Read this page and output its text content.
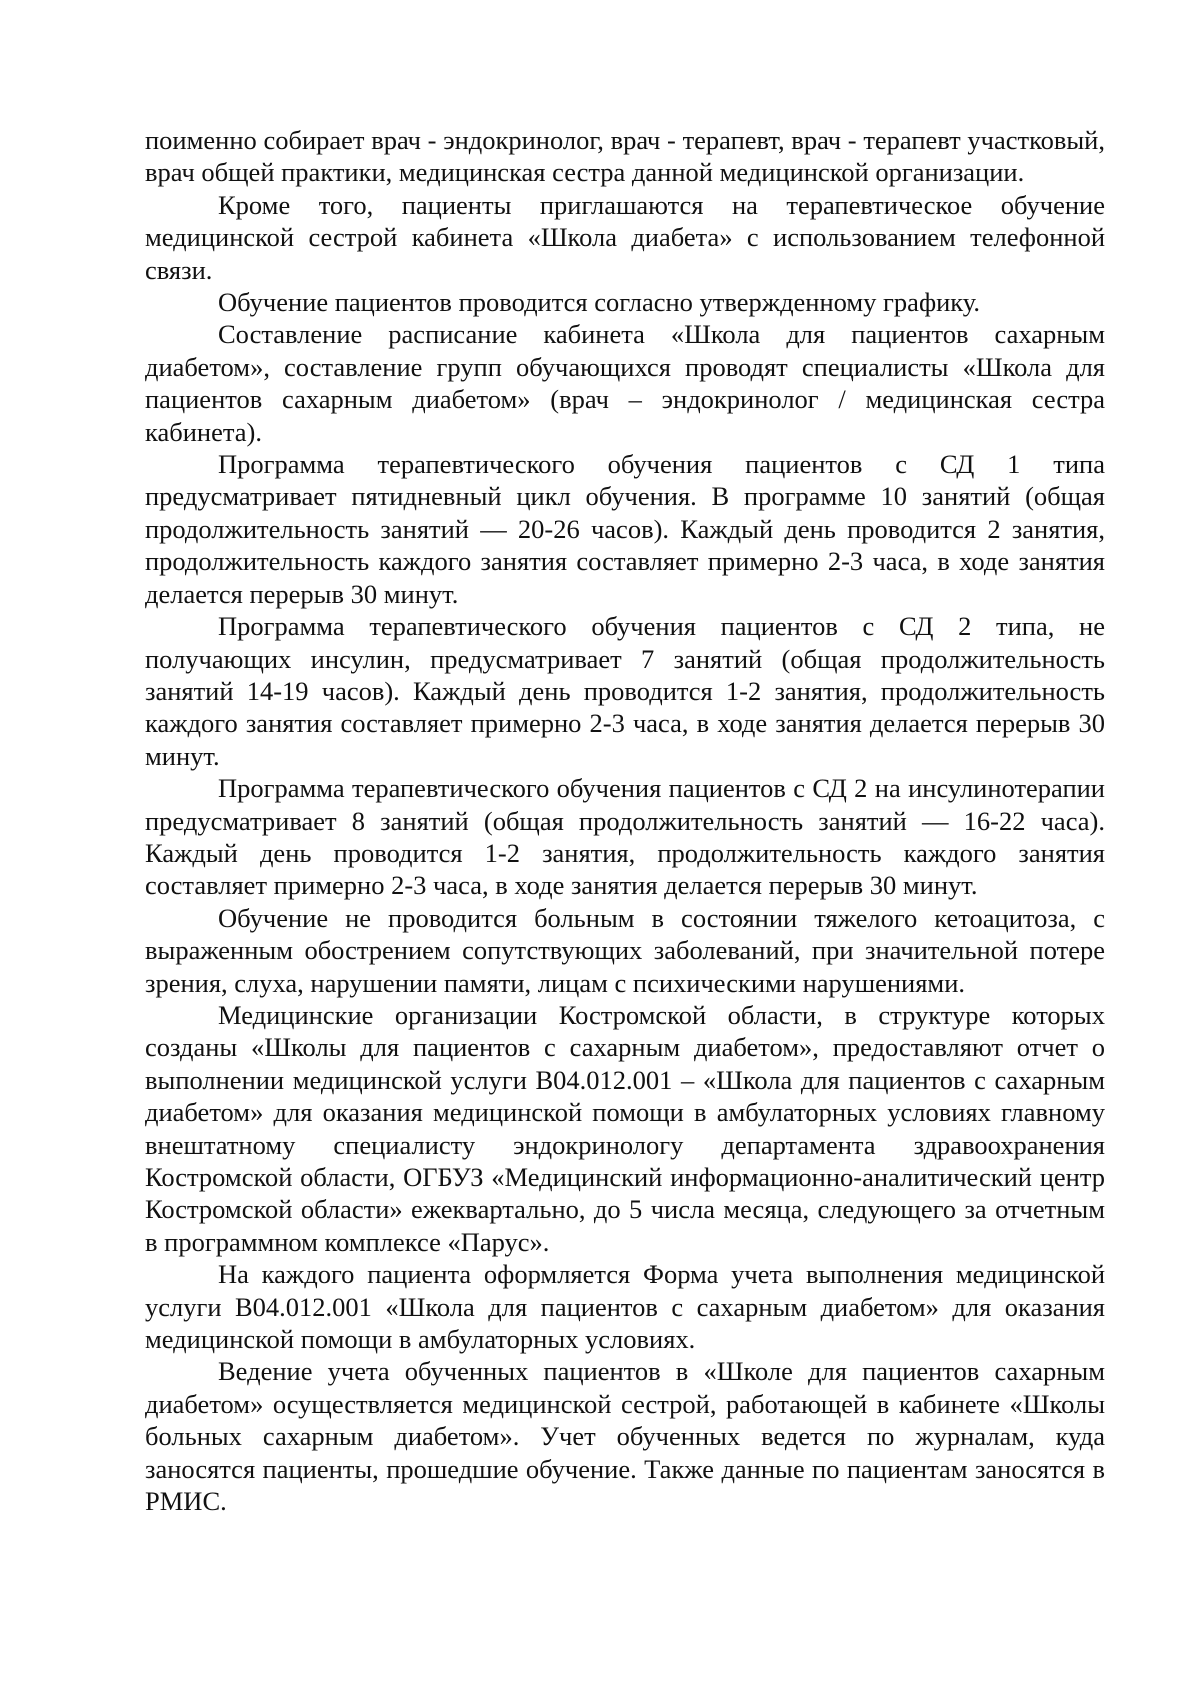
поименно собирает врач - эндокринолог, врач - терапевт, врач - терапевт участковый, врач общей практики, медицинская сестра данной медицинской организации.

Кроме того, пациенты приглашаются на терапевтическое обучение медицинской сестрой кабинета «Школа диабета» с использованием телефонной связи.

Обучение пациентов проводится согласно утвержденному графику.

Составление расписание кабинета «Школа для пациентов сахарным диабетом», составление групп обучающихся проводят специалисты «Школа для пациентов сахарным диабетом» (врач – эндокринолог / медицинская сестра кабинета).

Программа терапевтического обучения пациентов с СД 1 типа предусматривает пятидневный цикл обучения. В программе 10 занятий (общая продолжительность занятий — 20-26 часов). Каждый день проводится 2 занятия, продолжительность каждого занятия составляет примерно 2-3 часа, в ходе занятия делается перерыв 30 минут.

Программа терапевтического обучения пациентов с СД 2 типа, не получающих инсулин, предусматривает 7 занятий (общая продолжительность занятий 14-19 часов). Каждый день проводится 1-2 занятия, продолжительность каждого занятия составляет примерно 2-3 часа, в ходе занятия делается перерыв 30 минут.

Программа терапевтического обучения пациентов с СД 2 на инсулинотерапии предусматривает 8 занятий (общая продолжительность занятий — 16-22 часа). Каждый день проводится 1-2 занятия, продолжительность каждого занятия составляет примерно 2-3 часа, в ходе занятия делается перерыв 30 минут.

Обучение не проводится больным в состоянии тяжелого кетоацитоза, с выраженным обострением сопутствующих заболеваний, при значительной потере зрения, слуха, нарушении памяти, лицам с психическими нарушениями.

Медицинские организации Костромской области, в структуре которых созданы «Школы для пациентов с сахарным диабетом», предоставляют отчет о выполнении медицинской услуги В04.012.001 – «Школа для пациентов с сахарным диабетом» для оказания медицинской помощи в амбулаторных условиях главному внештатному специалисту эндокринологу департамента здравоохранения Костромской области, ОГБУЗ «Медицинский информационно-аналитический центр Костромской области» ежеквартально, до 5 числа месяца, следующего за отчетным в программном комплексе «Парус».

На каждого пациента оформляется Форма учета выполнения медицинской услуги В04.012.001 «Школа для пациентов с сахарным диабетом» для оказания медицинской помощи в амбулаторных условиях.

Ведение учета обученных пациентов в «Школе для пациентов сахарным диабетом» осуществляется медицинской сестрой, работающей в кабинете «Школы больных сахарным диабетом». Учет обученных ведется по журналам, куда заносятся пациенты, прошедшие обучение. Также данные по пациентам заносятся в РМИС.
